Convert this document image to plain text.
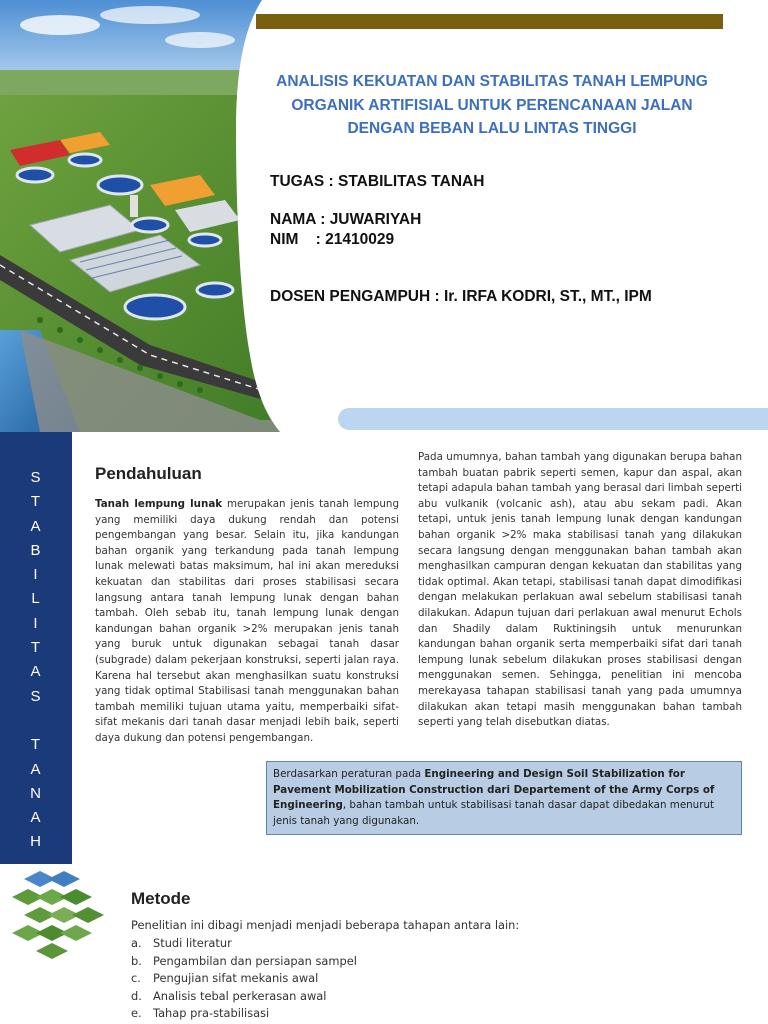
ANALISIS KEKUATAN DAN STABILITAS TANAH LEMPUNG
ORGANIK ARTIFISIAL UNTUK PERENCANAAN JALAN
DENGAN BEBAN LALU LINTAS TINGGI
TUGAS : STABILITAS TANAH
NAMA : JUWARIYAH
NIM    : 21410029
DOSEN PENGAMPUH : Ir. IRFA KODRI, ST., MT., IPM
S
T
A
B
I
L
I
T
A
S

T
A
N
A
H
Pendahuluan
Tanah lempung lunak merupakan jenis tanah lempung yang memiliki daya dukung rendah dan potensi pengembangan yang besar. Selain itu, jika kandungan bahan organik yang terkandung pada tanah lempung lunak melewati batas maksimum, hal ini akan mereduksi kekuatan dan stabilitas dari proses stabilisasi secara langsung antara tanah lempung lunak dengan bahan tambah. Oleh sebab itu, tanah lempung lunak dengan kandungan bahan organik >2% merupakan jenis tanah yang buruk untuk digunakan sebagai tanah dasar (subgrade) dalam pekerjaan konstruksi, seperti jalan raya. Karena hal tersebut akan menghasilkan suatu konstruksi yang tidak optimal Stabilisasi tanah menggunakan bahan tambah memiliki tujuan utama yaitu, memperbaiki sifat-sifat mekanis dari tanah dasar menjadi lebih baik, seperti daya dukung dan potensi pengembangan.
Pada umumnya, bahan tambah yang digunakan berupa bahan tambah buatan pabrik seperti semen, kapur dan aspal, akan tetapi adapula bahan tambah yang berasal dari limbah seperti abu vulkanik (volcanic ash), atau abu sekam padi. Akan tetapi, untuk jenis tanah lempung lunak dengan kandungan bahan organik >2% maka stabilisasi tanah yang dilakukan secara langsung dengan menggunakan bahan tambah akan menghasilkan campuran dengan kekuatan dan stabilitas yang tidak optimal. Akan tetapi, stabilisasi tanah dapat dimodifikasi dengan melakukan perlakuan awal sebelum stabilisasi tanah dilakukan. Adapun tujuan dari perlakuan awal menurut Echols dan Shadily dalam Ruktiningsih untuk menurunkan kandungan bahan organik serta memperbaiki sifat dari tanah lempung lunak sebelum dilakukan proses stabilisasi dengan menggunakan semen. Sehingga, penelitian ini mencoba merekayasa tahapan stabilisasi tanah yang pada umumnya dilakukan akan tetapi masih menggunakan bahan tambah seperti yang telah disebutkan diatas.
Berdasarkan peraturan pada Engineering and Design Soil Stabilization for Pavement Mobilization Construction dari Departement of the Army Corps of Engineering, bahan tambah untuk stabilisasi tanah dasar dapat dibedakan menurut jenis tanah yang digunakan.
Metode
Penelitian ini dibagi menjadi menjadi beberapa tahapan antara lain:
a. Studi literatur
b. Pengambilan dan persiapan sampel
c. Pengujian sifat mekanis awal
d. Analisis tebal perkerasan awal
e. Tahap pra-stabilisasi
